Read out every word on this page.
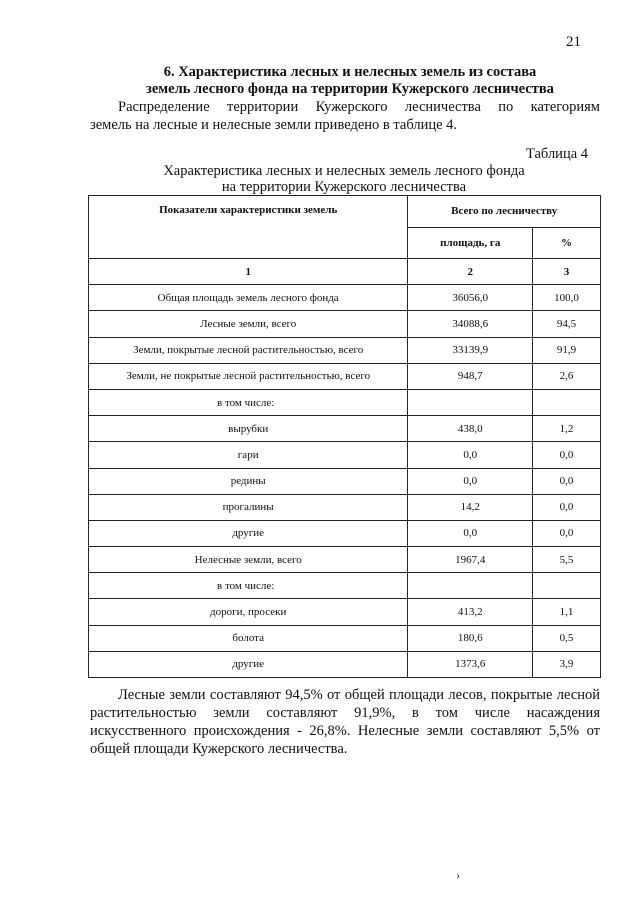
21
6. Характеристика лесных и нелесных земель из состава
земель лесного фонда на территории Кужерского лесничества
Распределение территории Кужерского лесничества по категориям
земель на лесные и нелесные земли приведено в таблице 4.
Таблица 4
Характеристика лесных и нелесных земель лесного фонда
на территории Кужерского лесничества
Показатели характеристики земель	Всего по лесничеству	
	площадь, га	%
1	2	3
Общая площадь земель лесного фонда	36056,0	100,0
Лесные земли, всего	34088,6	94,5
Земли, покрытые лесной растительностью, всего	33139,9	91,9
Земли, не покрытые лесной растительностью, всего	948,7	2,6
в том числе:		
вырубки	438,0	1,2
гари	0,0	0,0
редины	0,0	0,0
прогалины	14,2	0,0
другие	0,0	0,0
Нелесные земли, всего	1967,4	5,5
в том числе:		
дороги, просеки	413,2	1,1
болота	180,6	0,5
другие	1373,6	3,9
Лесные земли составляют 94,5% от общей площади лесов, покрытые лесной растительностью земли составляют 91,9%, в том числе насаждения искусственного происхождения - 26,8%. Нелесные земли составляют 5,5% от общей площади Кужерского лесничества.
›
